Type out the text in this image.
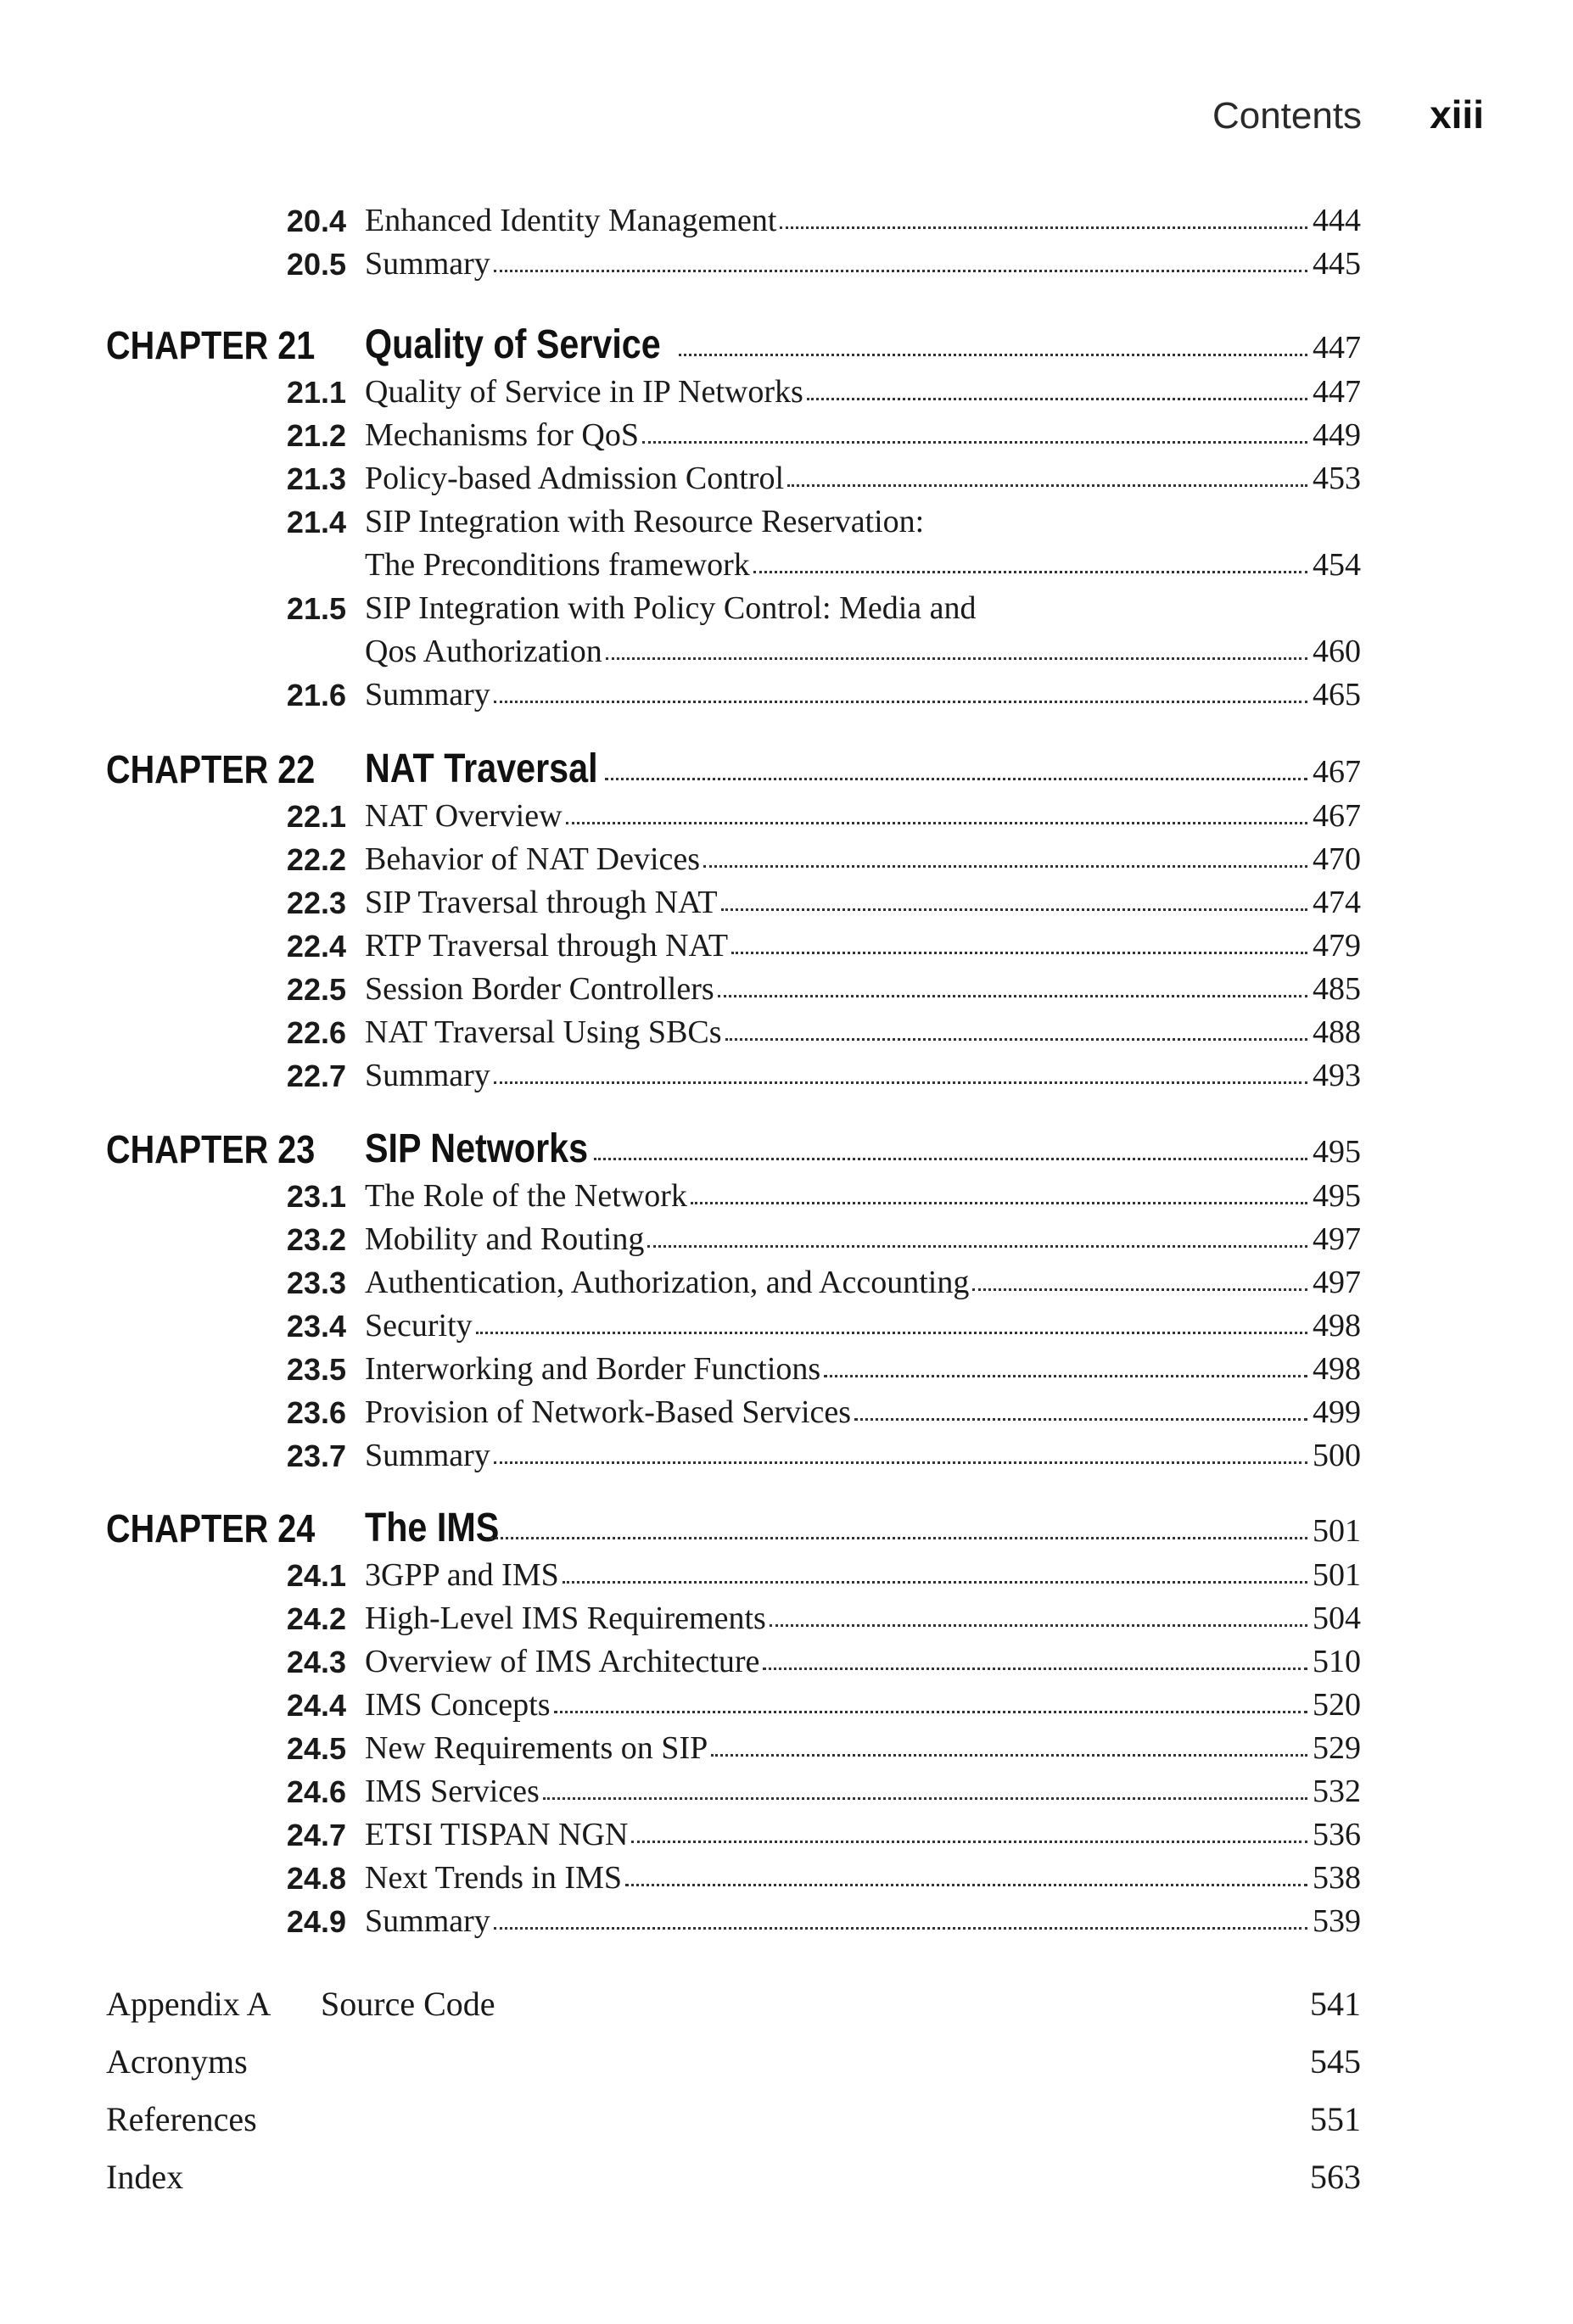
Contents xiii
20.4 Enhanced Identity Management	444
20.5 Summary	445
CHAPTER 21 Quality of Service	447
21.1 Quality of Service in IP Networks	447
21.2 Mechanisms for QoS	449
21.3 Policy-based Admission Control	453
21.4 SIP Integration with Resource Reservation:
The Preconditions framework	454
21.5 SIP Integration with Policy Control: Media and
Qos Authorization	460
21.6 Summary	465
CHAPTER 22 NAT Traversal	467
22.1 NAT Overview	467
22.2 Behavior of NAT Devices	470
22.3 SIP Traversal through NAT	474
22.4 RTP Traversal through NAT	479
22.5 Session Border Controllers	485
22.6 NAT Traversal Using SBCs	488
22.7 Summary	493
CHAPTER 23 SIP Networks	495
23.1 The Role of the Network	495
23.2 Mobility and Routing	497
23.3 Authentication, Authorization, and Accounting	497
23.4 Security	498
23.5 Interworking and Border Functions	498
23.6 Provision of Network-Based Services	499
23.7 Summary	500
CHAPTER 24 The IMS	501
24.1 3GPP and IMS	501
24.2 High-Level IMS Requirements	504
24.3 Overview of IMS Architecture	510
24.4 IMS Concepts	520
24.5 New Requirements on SIP	529
24.6 IMS Services	532
24.7 ETSI TISPAN NGN	536
24.8 Next Trends in IMS	538
24.9 Summary	539
Appendix A Source Code	541
Acronyms	545
References	551
Index	563
